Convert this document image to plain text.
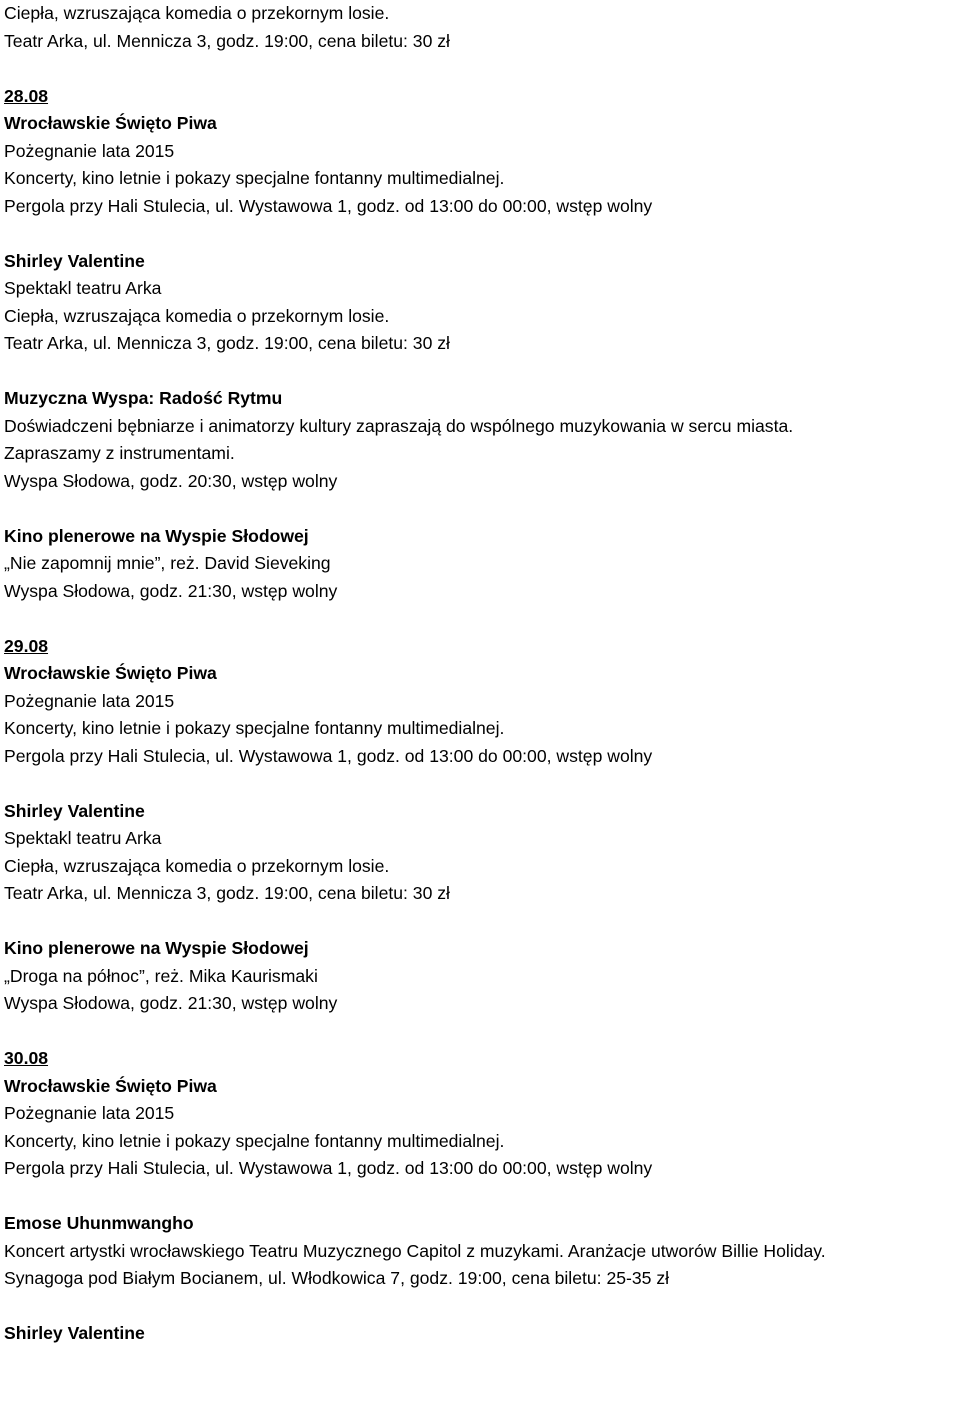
Ciepła, wzruszająca komedia o przekornym losie.
Teatr Arka, ul. Mennicza 3, godz. 19:00, cena biletu: 30 zł
28.08
Wrocławskie Święto Piwa
Pożegnanie lata 2015
Koncerty, kino letnie i pokazy specjalne fontanny multimedialnej.
Pergola przy Hali Stulecia, ul. Wystawowa 1, godz. od 13:00 do 00:00, wstęp wolny
Shirley Valentine
Spektakl teatru Arka
Ciepła, wzruszająca komedia o przekornym losie.
Teatr Arka, ul. Mennicza 3, godz. 19:00, cena biletu: 30 zł
Muzyczna Wyspa: Radość Rytmu
Doświadczeni bębniarze i animatorzy kultury zapraszają do wspólnego muzykowania w sercu miasta.
Zapraszamy z instrumentami.
Wyspa Słodowa, godz. 20:30, wstęp wolny
Kino plenerowe na Wyspie Słodowej
„Nie zapomnij mnie”, reż. David Sieveking
Wyspa Słodowa, godz. 21:30, wstęp wolny
29.08
Wrocławskie Święto Piwa
Pożegnanie lata 2015
Koncerty, kino letnie i pokazy specjalne fontanny multimedialnej.
Pergola przy Hali Stulecia, ul. Wystawowa 1, godz. od 13:00 do 00:00, wstęp wolny
Shirley Valentine
Spektakl teatru Arka
Ciepła, wzruszająca komedia o przekornym losie.
Teatr Arka, ul. Mennicza 3, godz. 19:00, cena biletu: 30 zł
Kino plenerowe na Wyspie Słodowej
„Droga na północ”, reż. Mika Kaurismaki
Wyspa Słodowa, godz. 21:30, wstęp wolny
30.08
Wrocławskie Święto Piwa
Pożegnanie lata 2015
Koncerty, kino letnie i pokazy specjalne fontanny multimedialnej.
Pergola przy Hali Stulecia, ul. Wystawowa 1, godz. od 13:00 do 00:00, wstęp wolny
Emose Uhunmwangho
Koncert artystki wrocławskiego Teatru Muzycznego Capitol z muzykami. Aranżacje utworów Billie Holiday.
Synagoga pod Białym Bocianem, ul. Włodkowica 7, godz. 19:00, cena biletu: 25-35 zł
Shirley Valentine
